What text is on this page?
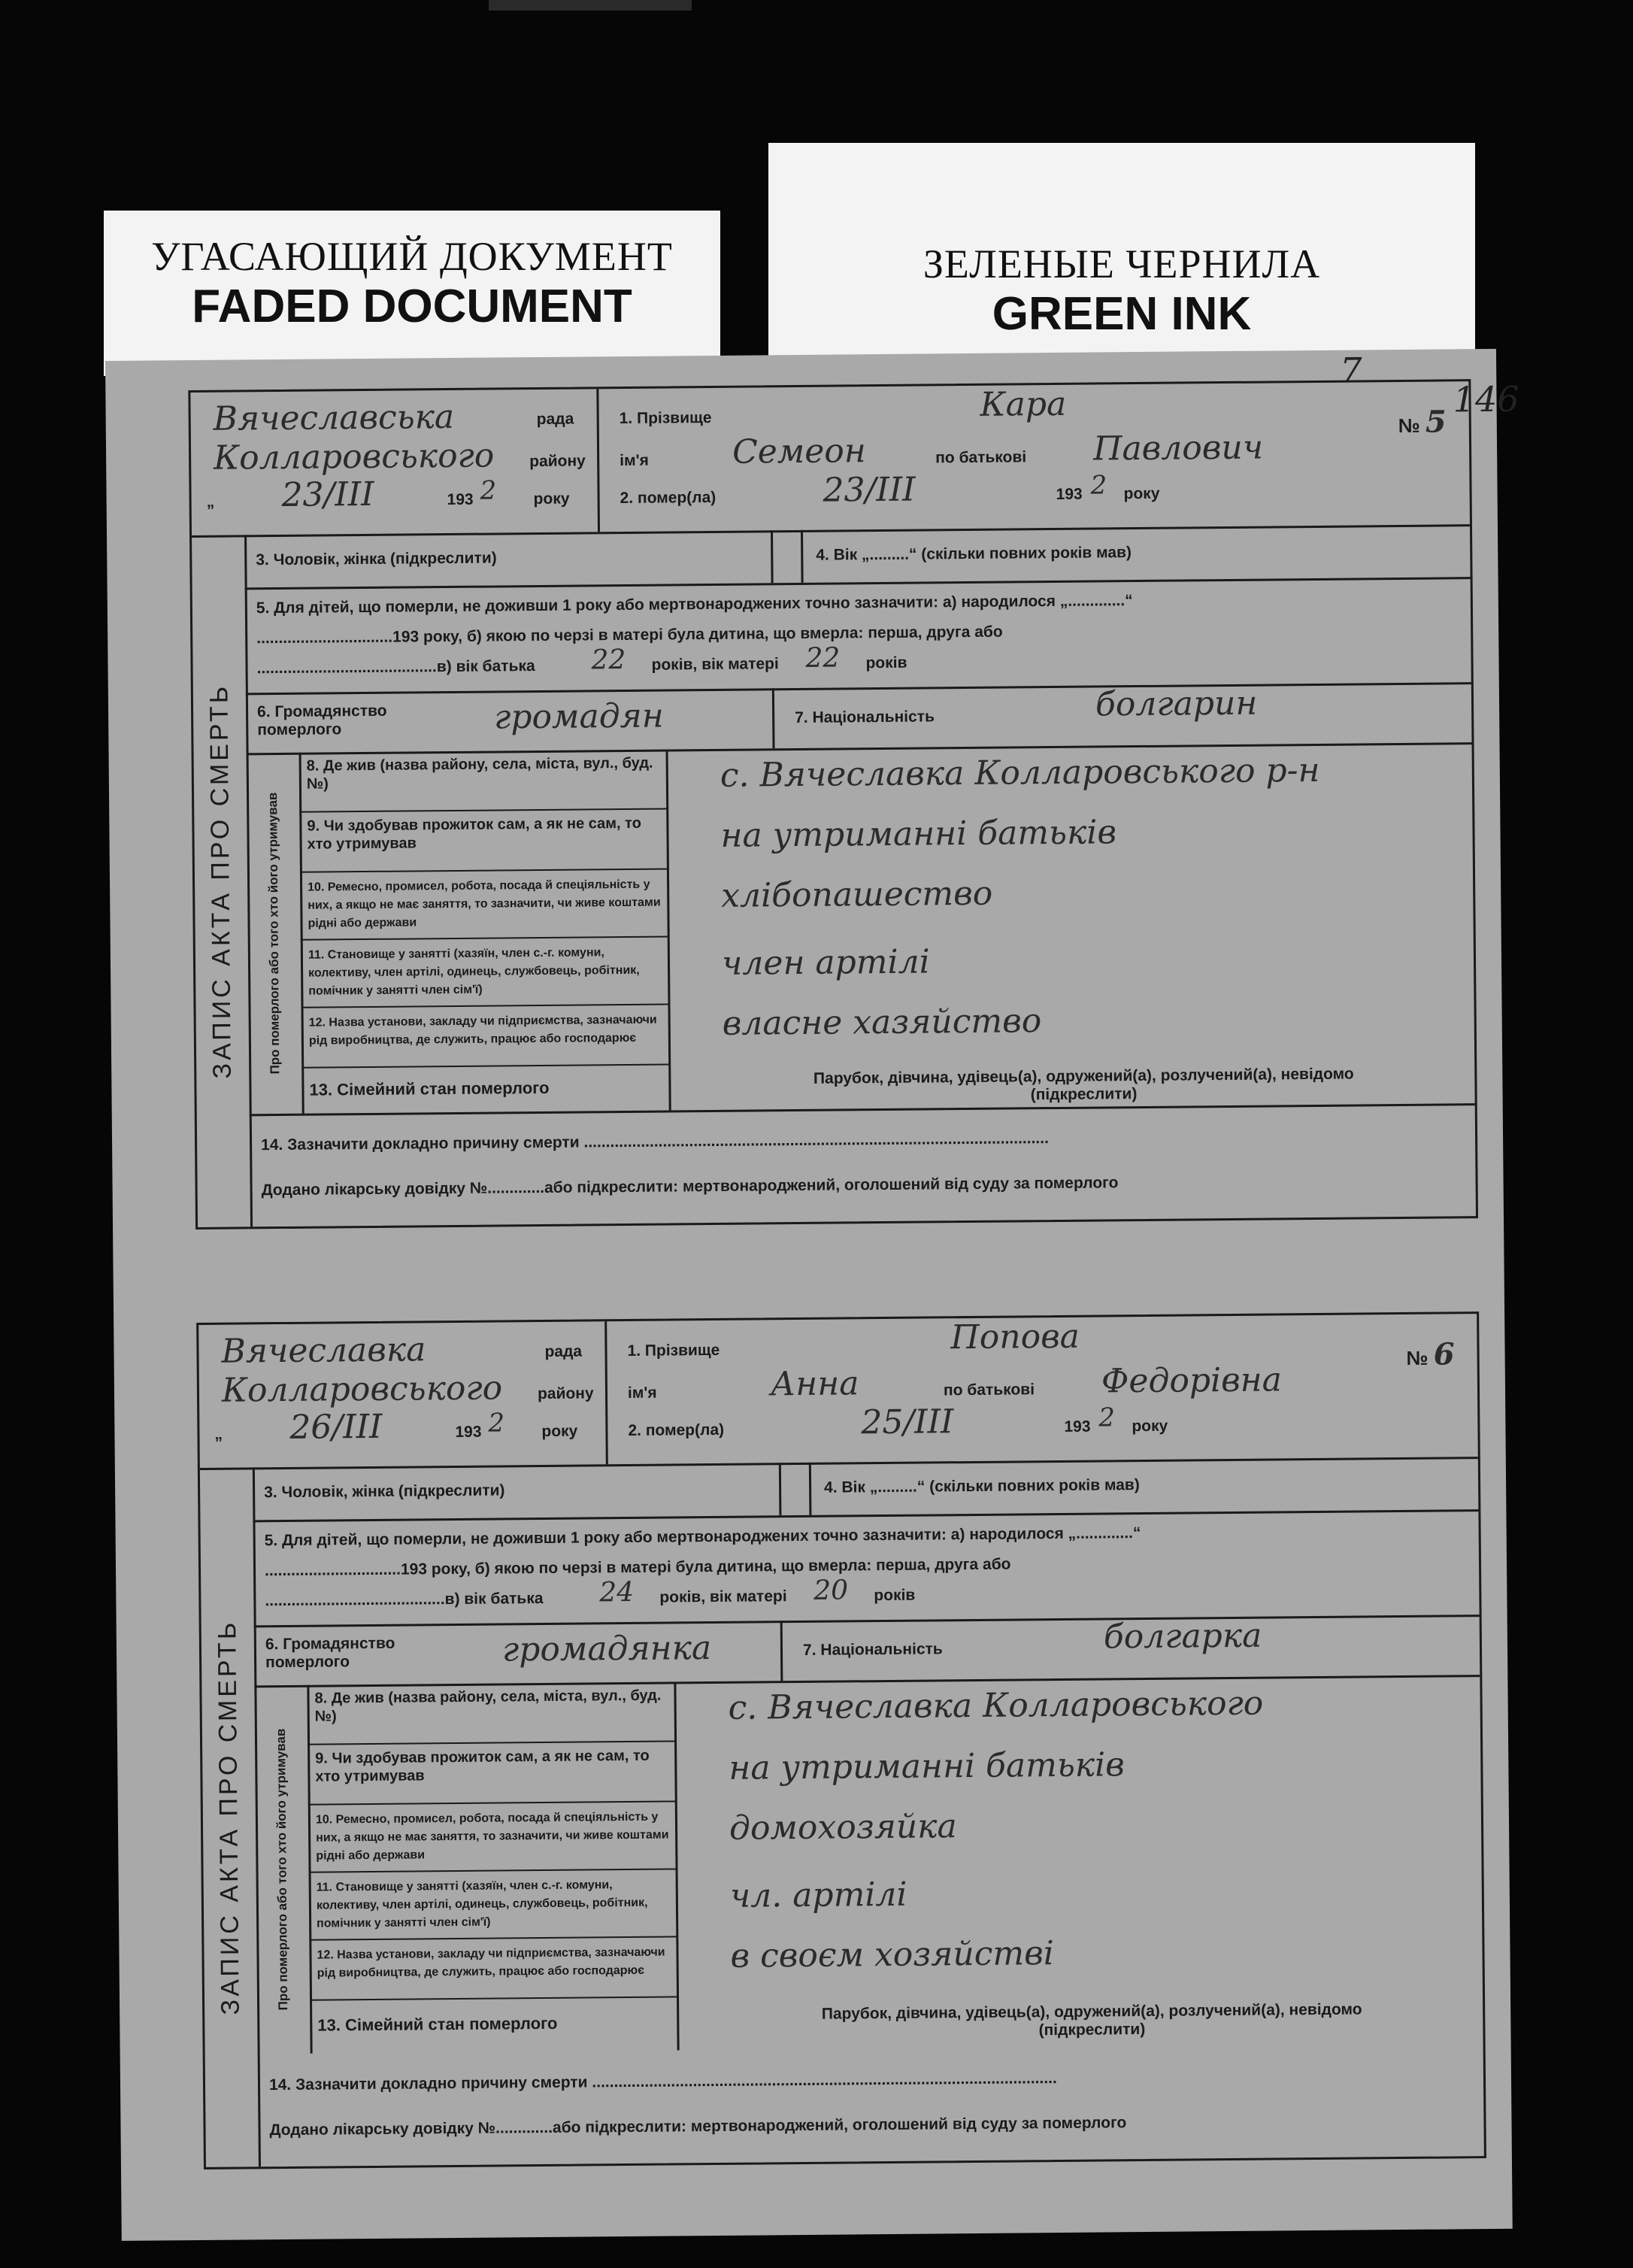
УГАСАЮЩИЙ ДОКУМЕНТ
FADED DOCUMENT
ЗЕЛЕНЫЕ ЧЕРНИЛА
GREEN INK
7
146
Вячеславська	рада
Колларовського району
„ 23/III	193 2 року
1. Прізвище	Кара
ім'я	Семеон	по батькові Павлович
2. помер(ла)	23/III	193 2 року
№ 5
ЗАПИС АКТА ПРО СМЕРТЬ
3. Чоловік, жінка (підкреслити)	4. Вік „.........“ (скільки повних років мав)
5. Для дітей, що померли, не доживши 1 року або мертвонароджених точно зазначити: а) народилося „.............“
...............................193 року, б) якою по черзі в матері була дитина, що вмерла: перша, друга або
.........................................в) вік батька 22 років, вік матері 22 років
6. Громадянство померлого	громадян	7. Національність	болгарин
Про померлого або того хто його утримував
8. Де жив (назва району, села, міста, вул., буд. №)	с. Вячеславка Колларовського р-н
9. Чи здобував прожиток сам, а як не сам, то хто утримував	на утриманні батьків
10. Ремесно, промисел, робота, посада й спеціяльність у них, а якщо не має заняття, то зазначити, чи живе коштами рідні або держави
хлібопашество
11. Становище у занятті (хазяїн, член с.-г. комуни, колективу, член артілі, одинець, службовець, робітник, помічник у занятті член сім'ї)
член артілі
12. Назва установи, закладу чи підприємства, зазначаючи рід виробництва, де служить, працює або господарює	власне хазяйство
13. Сімейний стан померлого
Парубок, дівчина, удівець(а), одружений(а), розлучений(а), невідомо (підкреслити)
14. Зазначити докладно причину смерти ..........................................................................................................
Додано лікарську довідку №.............або підкреслити: мертвонароджений, оголошений від суду за померлого
Вячеславка	рада
Колларовського району
„ 26/III	193 2 року
1. Прізвище	Попова
ім'я	Анна	по батькові Федорівна
2. помер(ла)	25/III	193 2 року
№ 6
ЗАПИС АКТА ПРО СМЕРТЬ
3. Чоловік, жінка (підкреслити)	4. Вік „.........“ (скільки повних років мав)
5. Для дітей, що померли, не доживши 1 року або мертвонароджених точно зазначити: а) народилося „.............“
...............................193 року, б) якою по черзі в матері була дитина, що вмерла: перша, друга або
.........................................в) вік батька 24 років, вік матері 20 років
6. Громадянство померлого	громадянка	7. Національність	болгарка
Про померлого або того хто його утримував
8. Де жив (назва району, села, міста, вул., буд. №)	с. Вячеславка Колларовського
9. Чи здобував прожиток сам, а як не сам, то хто утримував	на утриманні батьків
10. Ремесно, промисел, робота, посада й спеціяльність у них, а якщо не має заняття, то зазначити, чи живе коштами рідні або держави
домохозяйка
11. Становище у занятті (хазяїн, член с.-г. комуни, колективу, член артілі, одинець, службовець, робітник, помічник у занятті член сім'ї)
чл. артілі
12. Назва установи, закладу чи підприємства, зазначаючи рід виробництва, де служить, працює або господарює	в своєм хозяйстві
13. Сімейний стан померлого
Парубок, дівчина, удівець(а), одружений(а), розлучений(а), невідомо (підкреслити)
14. Зазначити докладно причину смерти ..........................................................................................................
Додано лікарську довідку №.............або підкреслити: мертвонароджений, оголошений від суду за померлого
